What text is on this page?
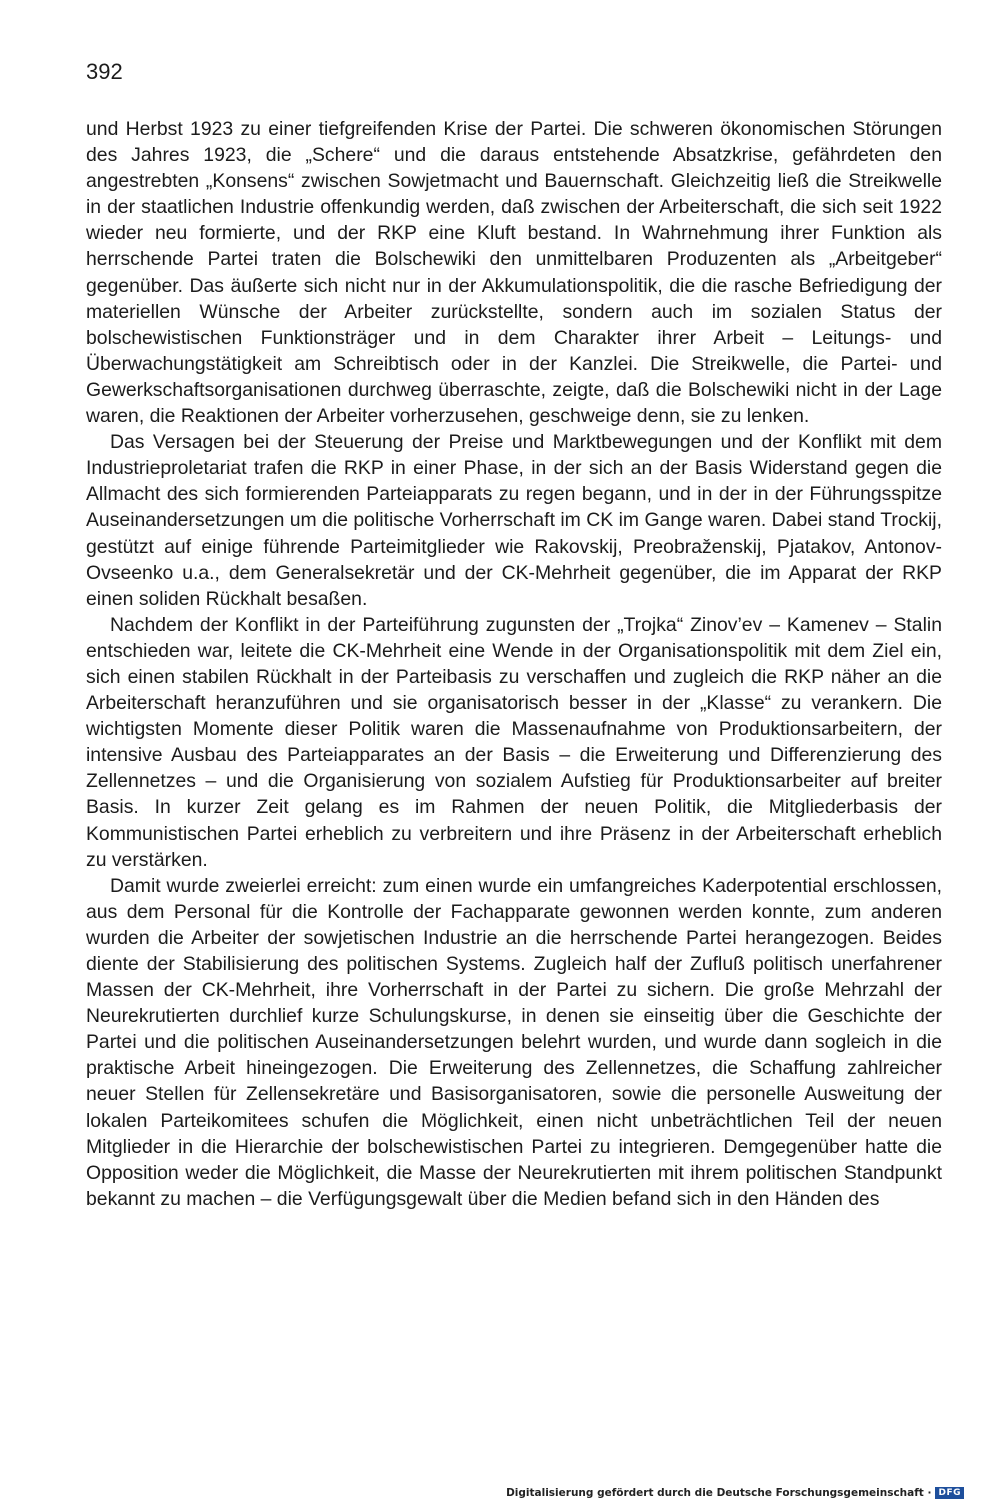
392

und Herbst 1923 zu einer tiefgreifenden Krise der Partei. Die schweren ökonomischen Störungen des Jahres 1923, die „Schere“ und die daraus entstehende Absatzkrise, gefährdeten den angestrebten „Konsens“ zwischen Sowjetmacht und Bauernschaft. Gleichzeitig ließ die Streikwelle in der staatlichen Industrie offenkundig werden, daß zwischen der Arbeiterschaft, die sich seit 1922 wieder neu formierte, und der RKP eine Kluft bestand. In Wahrnehmung ihrer Funktion als herrschende Partei traten die Bolschewiki den unmittelbaren Produzenten als „Arbeitgeber“ gegenüber. Das äußerte sich nicht nur in der Akkumulationspolitik, die die rasche Befriedigung der materiellen Wünsche der Arbeiter zurückstellte, sondern auch im sozialen Status der bolschewistischen Funktionsträger und in dem Charakter ihrer Arbeit – Leitungs- und Überwachungstätigkeit am Schreibtisch oder in der Kanzlei. Die Streikwelle, die Partei- und Gewerkschaftsorganisationen durchweg überraschte, zeigte, daß die Bolschewiki nicht in der Lage waren, die Reaktionen der Arbeiter vorherzusehen, geschweige denn, sie zu lenken.

Das Versagen bei der Steuerung der Preise und Marktbewegungen und der Konflikt mit dem Industrieproletariat trafen die RKP in einer Phase, in der sich an der Basis Widerstand gegen die Allmacht des sich formierenden Parteiapparats zu regen begann, und in der in der Führungsspitze Auseinandersetzungen um die politische Vorherrschaft im CK im Gange waren. Dabei stand Trockij, gestützt auf einige führende Parteimitglieder wie Rakovskij, Preobraženskij, Pjatakov, Antonov-Ovseenko u.a., dem Generalsekretär und der CK-Mehrheit gegenüber, die im Apparat der RKP einen soliden Rückhalt besaßen.

Nachdem der Konflikt in der Parteiführung zugunsten der „Trojka“ Zinov’ev – Kamenev – Stalin entschieden war, leitete die CK-Mehrheit eine Wende in der Organisationspolitik mit dem Ziel ein, sich einen stabilen Rückhalt in der Parteibasis zu verschaffen und zugleich die RKP näher an die Arbeiterschaft heranzuführen und sie organisatorisch besser in der „Klasse“ zu verankern. Die wichtigsten Momente dieser Politik waren die Massenaufnahme von Produktionsarbeitern, der intensive Ausbau des Parteiapparates an der Basis – die Erweiterung und Differenzierung des Zellennetzes – und die Organisierung von sozialem Aufstieg für Produktionsarbeiter auf breiter Basis. In kurzer Zeit gelang es im Rahmen der neuen Politik, die Mitgliederbasis der Kommunistischen Partei erheblich zu verbreitern und ihre Präsenz in der Arbeiterschaft erheblich zu verstärken.

Damit wurde zweierlei erreicht: zum einen wurde ein umfangreiches Kaderpotential erschlossen, aus dem Personal für die Kontrolle der Fachapparate gewonnen werden konnte, zum anderen wurden die Arbeiter der sowjetischen Industrie an die herrschende Partei herangezogen. Beides diente der Stabilisierung des politischen Systems. Zugleich half der Zufluß politisch unerfahrener Massen der CK-Mehrheit, ihre Vorherrschaft in der Partei zu sichern. Die große Mehrzahl der Neurekrutierten durchlief kurze Schulungskurse, in denen sie einseitig über die Geschichte der Partei und die politischen Auseinandersetzungen belehrt wurden, und wurde dann sogleich in die praktische Arbeit hineingezogen. Die Erweiterung des Zellennetzes, die Schaffung zahlreicher neuer Stellen für Zellensekretäre und Basisorganisatoren, sowie die personelle Ausweitung der lokalen Parteikomitees schufen die Möglichkeit, einen nicht unbeträchtlichen Teil der neuen Mitglieder in die Hierarchie der bolschewistischen Partei zu integrieren. Demgegenüber hatte die Opposition weder die Möglichkeit, die Masse der Neurekrutierten mit ihrem politischen Standpunkt bekannt zu machen – die Verfügungsgewalt über die Medien befand sich in den Händen des

Digitalisierung gefördert durch die Deutsche Forschungsgemeinschaft · DFG
